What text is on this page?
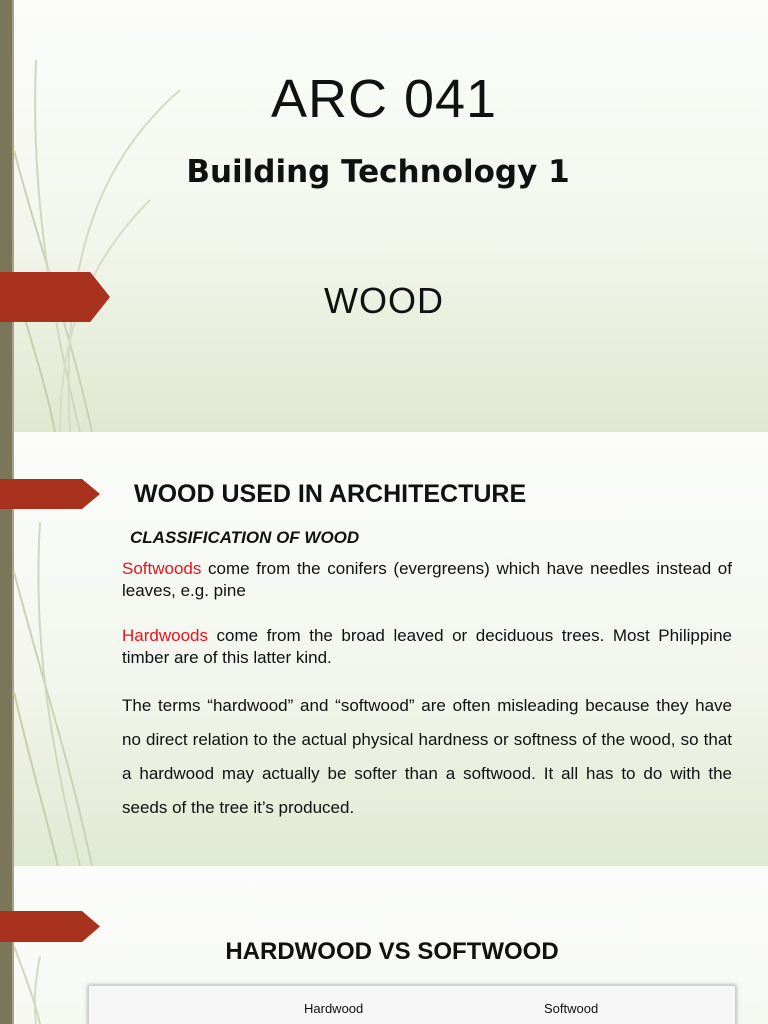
ARC 041
Building Technology 1
WOOD
WOOD USED IN ARCHITECTURE
CLASSIFICATION OF WOOD
Softwoods come from the conifers (evergreens) which have needles instead of leaves, e.g. pine
Hardwoods come from the broad leaved or deciduous trees. Most Philippine timber are of this latter kind.
The terms “hardwood” and “softwood” are often misleading because they have no direct relation to the actual physical hardness or softness of the wood, so that a hardwood may actually be softer than a softwood. It all has to do with the seeds of the tree it’s produced.
HARDWOOD VS SOFTWOOD
Hardwood	Softwood
